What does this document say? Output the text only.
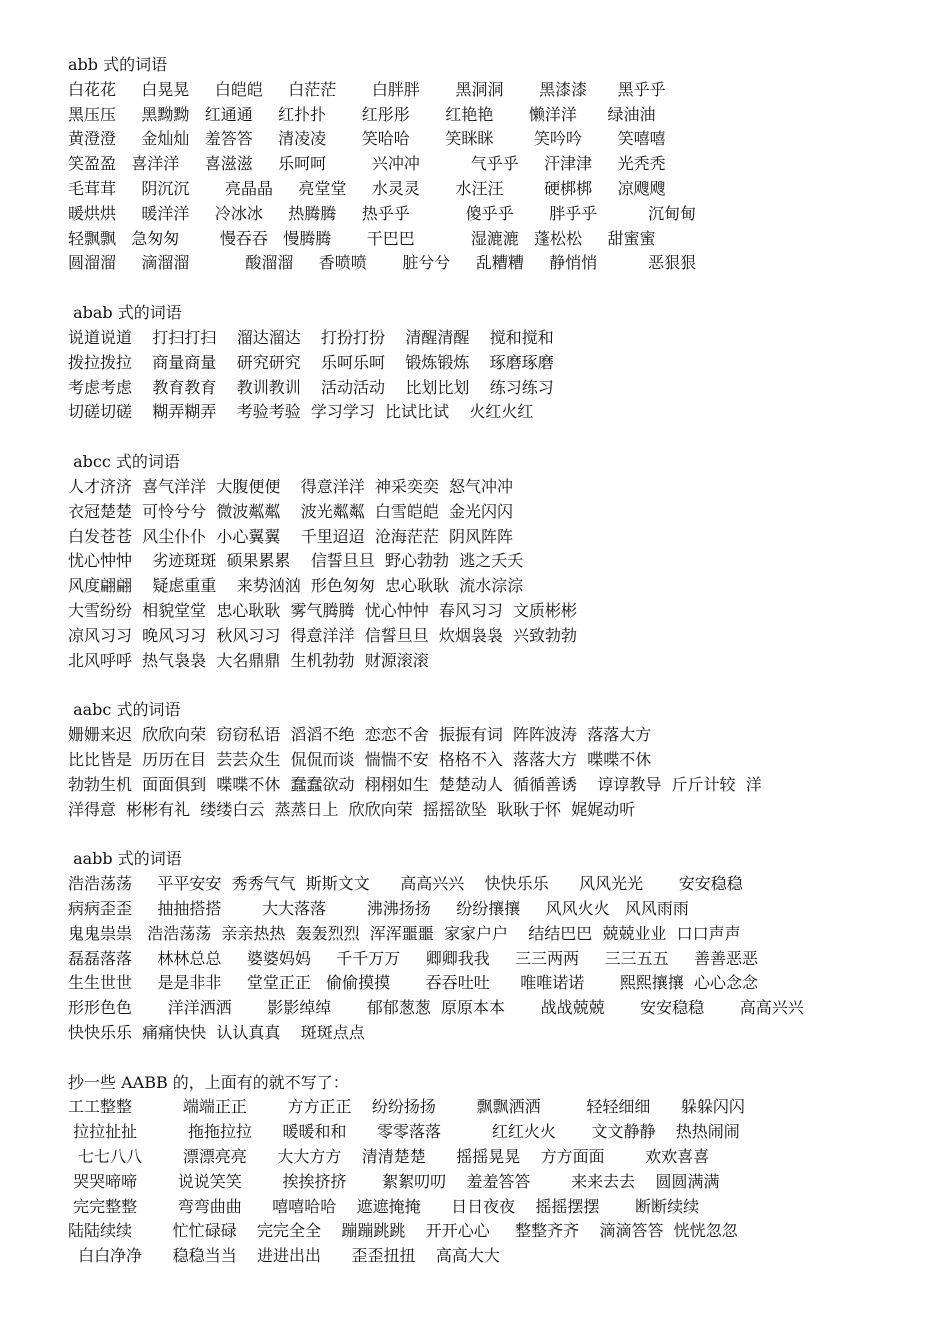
abb 式的词语
白花花     白晃晃     白皑皑     白茫茫       白胖胖       黑洞洞       黑漆漆      黑乎乎
黑压压     黑黝黝   红通通     红扑扑       红彤彤       红艳艳       懒洋洋      绿油油
黄澄澄     金灿灿   羞答答     清凌凌       笑哈哈       笑眯眯        笑吟吟       笑嘻嘻
笑盈盈   喜洋洋     喜滋滋     乐呵呵         兴冲冲          气乎乎     汗津津     光秃秃
毛茸茸     阴沉沉       亮晶晶     亮堂堂     水灵灵       水汪汪        硬梆梆     凉飕飕
暖烘烘     暖洋洋     冷冰冰     热腾腾     热乎乎           傻乎乎       胖乎乎          沉甸甸
轻飘飘   急匆匆        慢吞吞   慢腾腾       干巴巴           湿漉漉   蓬松松     甜蜜蜜
圆溜溜     滴溜溜           酸溜溜     香喷喷       脏兮兮     乱糟糟     静悄悄          恶狠狠
abab 式的词语
说道说道    打扫打扫    溜达溜达    打扮打扮    清醒清醒    搅和搅和
拨拉拨拉    商量商量    研究研究    乐呵乐呵    锻炼锻炼    琢磨琢磨
考虑考虑    教育教育    教训教训    活动活动    比划比划    练习练习
切磋切磋    糊弄糊弄    考验考验  学习学习  比试比试    火红火红
abcc 式的词语
人才济济  喜气洋洋  大腹便便    得意洋洋  神采奕奕  怒气冲冲
衣冠楚楚  可怜兮兮  微波粼粼    波光粼粼  白雪皑皑  金光闪闪
白发苍苍  风尘仆仆  小心翼翼    千里迢迢  沧海茫茫  阴风阵阵
忧心忡忡    劣迹斑斑  硕果累累    信誓旦旦  野心勃勃  逃之夭夭
风度翩翩    疑虑重重    来势汹汹  形色匆匆  忠心耿耿  流水淙淙
大雪纷纷  相貌堂堂  忠心耿耿  雾气腾腾  忧心忡忡  春风习习  文质彬彬
凉风习习  晚风习习  秋风习习  得意洋洋  信誓旦旦  炊烟袅袅  兴致勃勃
北风呼呼  热气袅袅  大名鼎鼎  生机勃勃  财源滚滚
aabc 式的词语
姗姗来迟  欣欣向荣  窃窃私语  滔滔不绝  恋恋不舍  振振有词  阵阵波涛  落落大方
比比皆是  历历在目  芸芸众生  侃侃而谈  惴惴不安  格格不入  落落大方  喋喋不休
勃勃生机  面面俱到  喋喋不休  蠢蠢欲动  栩栩如生  楚楚动人  循循善诱    谆谆教导  斤斤计较  洋
洋得意  彬彬有礼  缕缕白云  蒸蒸日上  欣欣向荣  摇摇欲坠  耿耿于怀  娓娓动听
aabb 式的词语
浩浩荡荡     平平安安  秀秀气气  斯斯文文      高高兴兴    快快乐乐      风风光光       安安稳稳
病病歪歪     抽抽搭搭        大大落落        沸沸扬扬     纷纷攘攘     风风火火   风风雨雨
鬼鬼祟祟   浩浩荡荡  亲亲热热  轰轰烈烈  浑浑噩噩  家家户户    结结巴巴  兢兢业业  口口声声
磊磊落落     林林总总     婆婆妈妈     千千万万     卿卿我我     三三两两     三三五五     善善恶恶
生生世世     是是非非     堂堂正正   偷偷摸摸       吞吞吐吐      唯唯诺诺       熙熙攘攘  心心念念
形形色色       洋洋洒洒       影影绰绰       郁郁葱葱  原原本本       战战兢兢       安安稳稳       高高兴兴
快快乐乐  痛痛快快  认认真真    斑斑点点
抄一些 AABB 的，上面有的就不写了：
工工整整          端端正正        方方正正    纷纷扬扬        飘飘洒洒         轻轻细细      躲躲闪闪
拉拉扯扯          拖拖拉拉      暖暖和和      零零落落          红红火火       文文静静    热热闹闹
七七八八        漂漂亮亮      大大方方    清清楚楚      摇摇晃晃    方方面面        欢欢喜喜
哭哭啼啼        说说笑笑        挨挨挤挤       絮絮叨叨    羞羞答答        来来去去    圆圆满满
完完整整        弯弯曲曲      嘻嘻哈哈    遮遮掩掩      日日夜夜    摇摇摆摆       断断续续
陆陆续续        忙忙碌碌    完完全全    蹦蹦跳跳    开开心心     整整齐齐    滴滴答答  恍恍忽忽
白白净净      稳稳当当    进进出出      歪歪扭扭    高高大大
